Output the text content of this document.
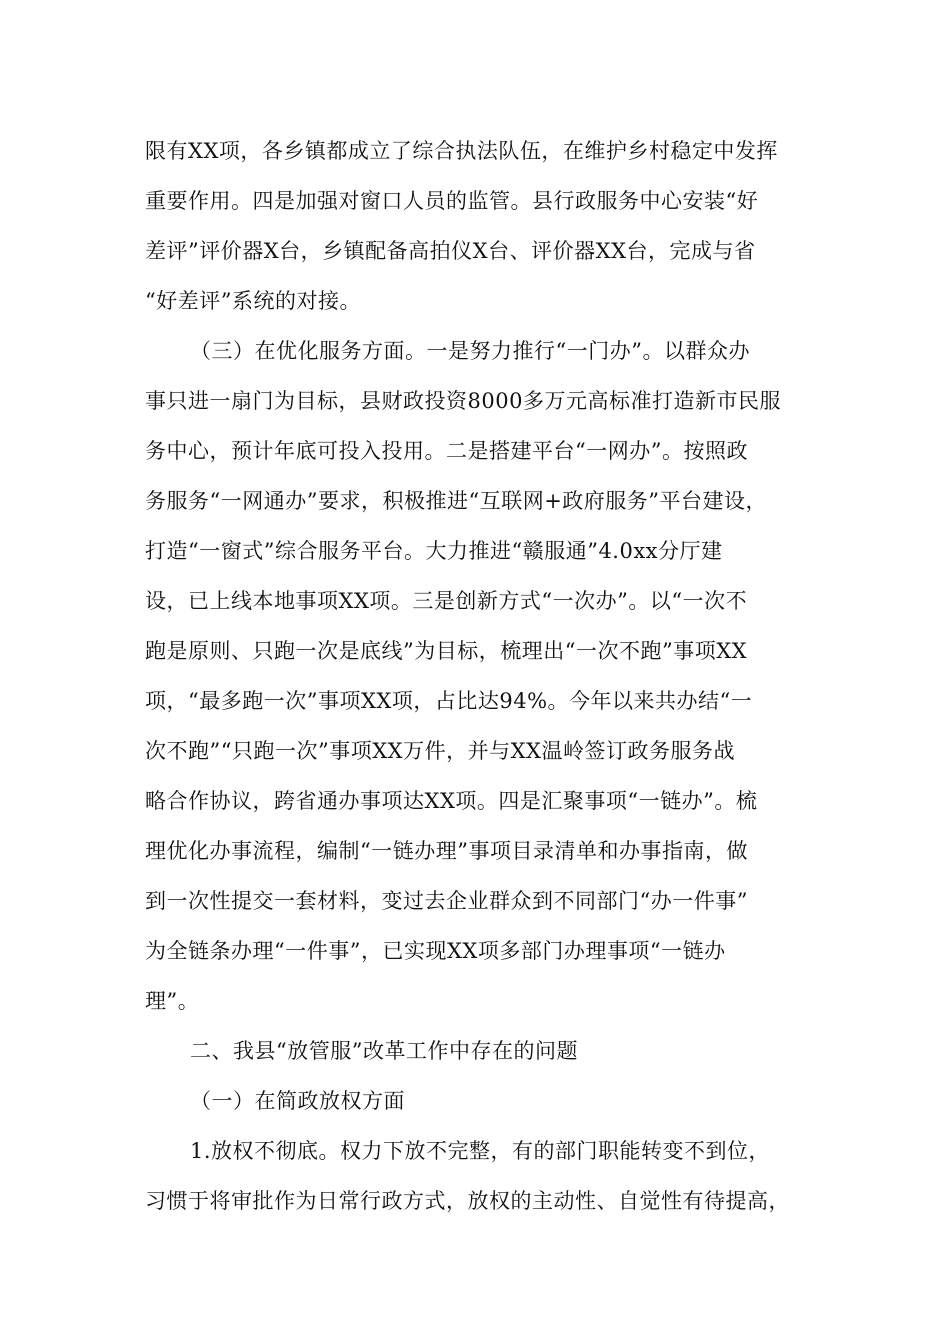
限有XX项，各乡镇都成立了综合执法队伍，在维护乡村稳定中发挥
重要作用。四是加强对窗口人员的监管。县行政服务中心安装“好
差评”评价器X台，乡镇配备高拍仪X台、评价器XX台，完成与省
“好差评”系统的对接。
（三）在优化服务方面。一是努力推行“一门办”。以群众办
事只进一扇门为目标，县财政投资8000多万元高标准打造新市民服
务中心，预计年底可投入投用。二是搭建平台“一网办”。按照政
务服务“一网通办”要求，积极推进“互联网+政府服务”平台建设，
打造“一窗式”综合服务平台。大力推进“赣服通”4.0xx分厅建
设，已上线本地事项XX项。三是创新方式“一次办”。以“一次不
跑是原则、只跑一次是底线”为目标，梳理出“一次不跑”事项XX
项，“最多跑一次”事项XX项，占比达94%。今年以来共办结“一
次不跑”“只跑一次”事项XX万件，并与XX温岭签订政务服务战
略合作协议，跨省通办事项达XX项。四是汇聚事项“一链办”。梳
理优化办事流程，编制“一链办理”事项目录清单和办事指南，做
到一次性提交一套材料，变过去企业群众到不同部门“办一件事”
为全链条办理“一件事”，已实现XX项多部门办理事项“一链办
理”。
二、我县“放管服”改革工作中存在的问题
（一）在简政放权方面
1.放权不彻底。权力下放不完整，有的部门职能转变不到位，
习惯于将审批作为日常行政方式，放权的主动性、自觉性有待提高，
